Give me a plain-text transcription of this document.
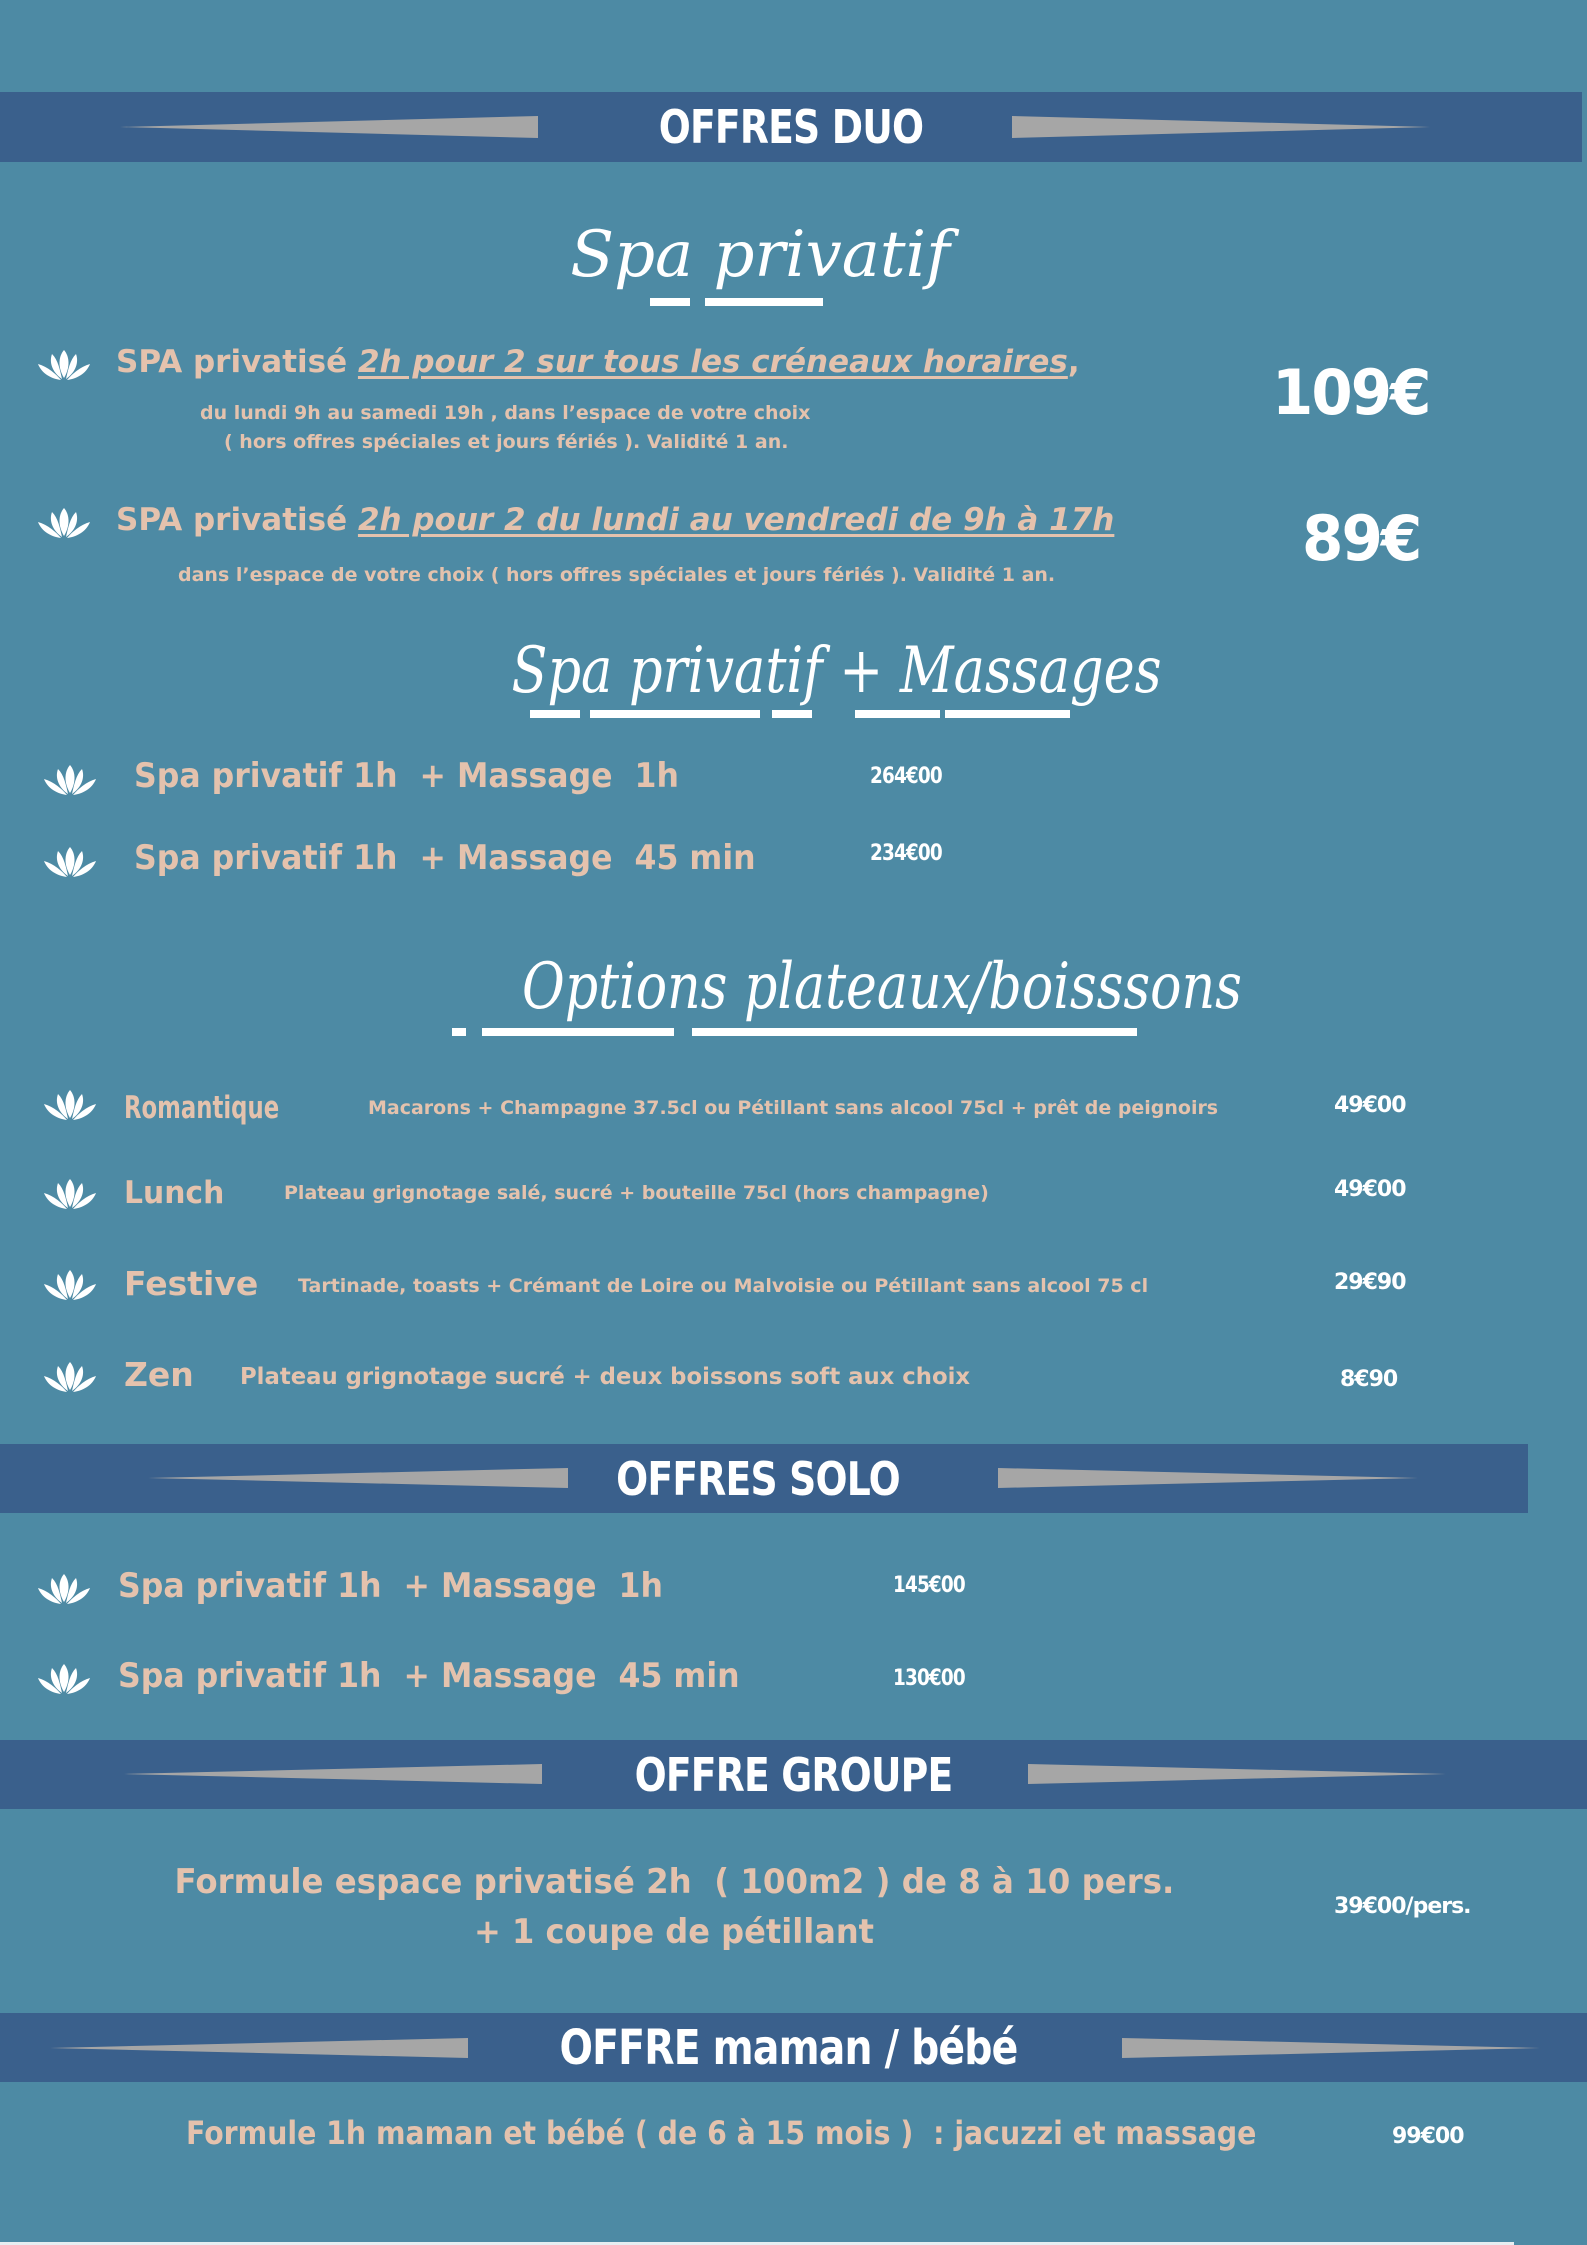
OFFRES DUO
Spa privatif
SPA privatisé 2h pour 2 sur tous les créneaux horaires,
du lundi 9h au samedi 19h , dans l’espace de votre choix
( hors offres spéciales et jours fériés ). Validité 1 an.
109€
SPA privatisé 2h pour 2 du lundi au vendredi de 9h à 17h
dans l’espace de votre choix ( hors offres spéciales et jours fériés ). Validité 1 an.	89€
Spa privatif + Massages
Spa privatif 1h  + Massage  1h	264€00
Spa privatif 1h  + Massage  45 min	234€00
Options plateaux/boisssons
Romantique	Macarons + Champagne 37.5cl ou Pétillant sans alcool 75cl + prêt de peignoirs	49€00
Lunch	Plateau grignotage salé, sucré + bouteille 75cl (hors champagne)	49€00
Festive Tartinade, toasts + Crémant de Loire ou Malvoisie ou Pétillant sans alcool 75 cl	29€90
Zen Plateau grignotage sucré + deux boissons soft aux choix	8€90
OFFRES SOLO
Spa privatif 1h  + Massage  1h	145€00
Spa privatif 1h  + Massage  45 min	130€00
OFFRE GROUPE
Formule espace privatisé 2h  ( 100m2 ) de 8 à 10 pers.
+ 1 coupe de pétillant
39€00/pers.
OFFRE maman / bébé
Formule 1h maman et bébé ( de 6 à 15 mois )  : jacuzzi et massage	99€00
